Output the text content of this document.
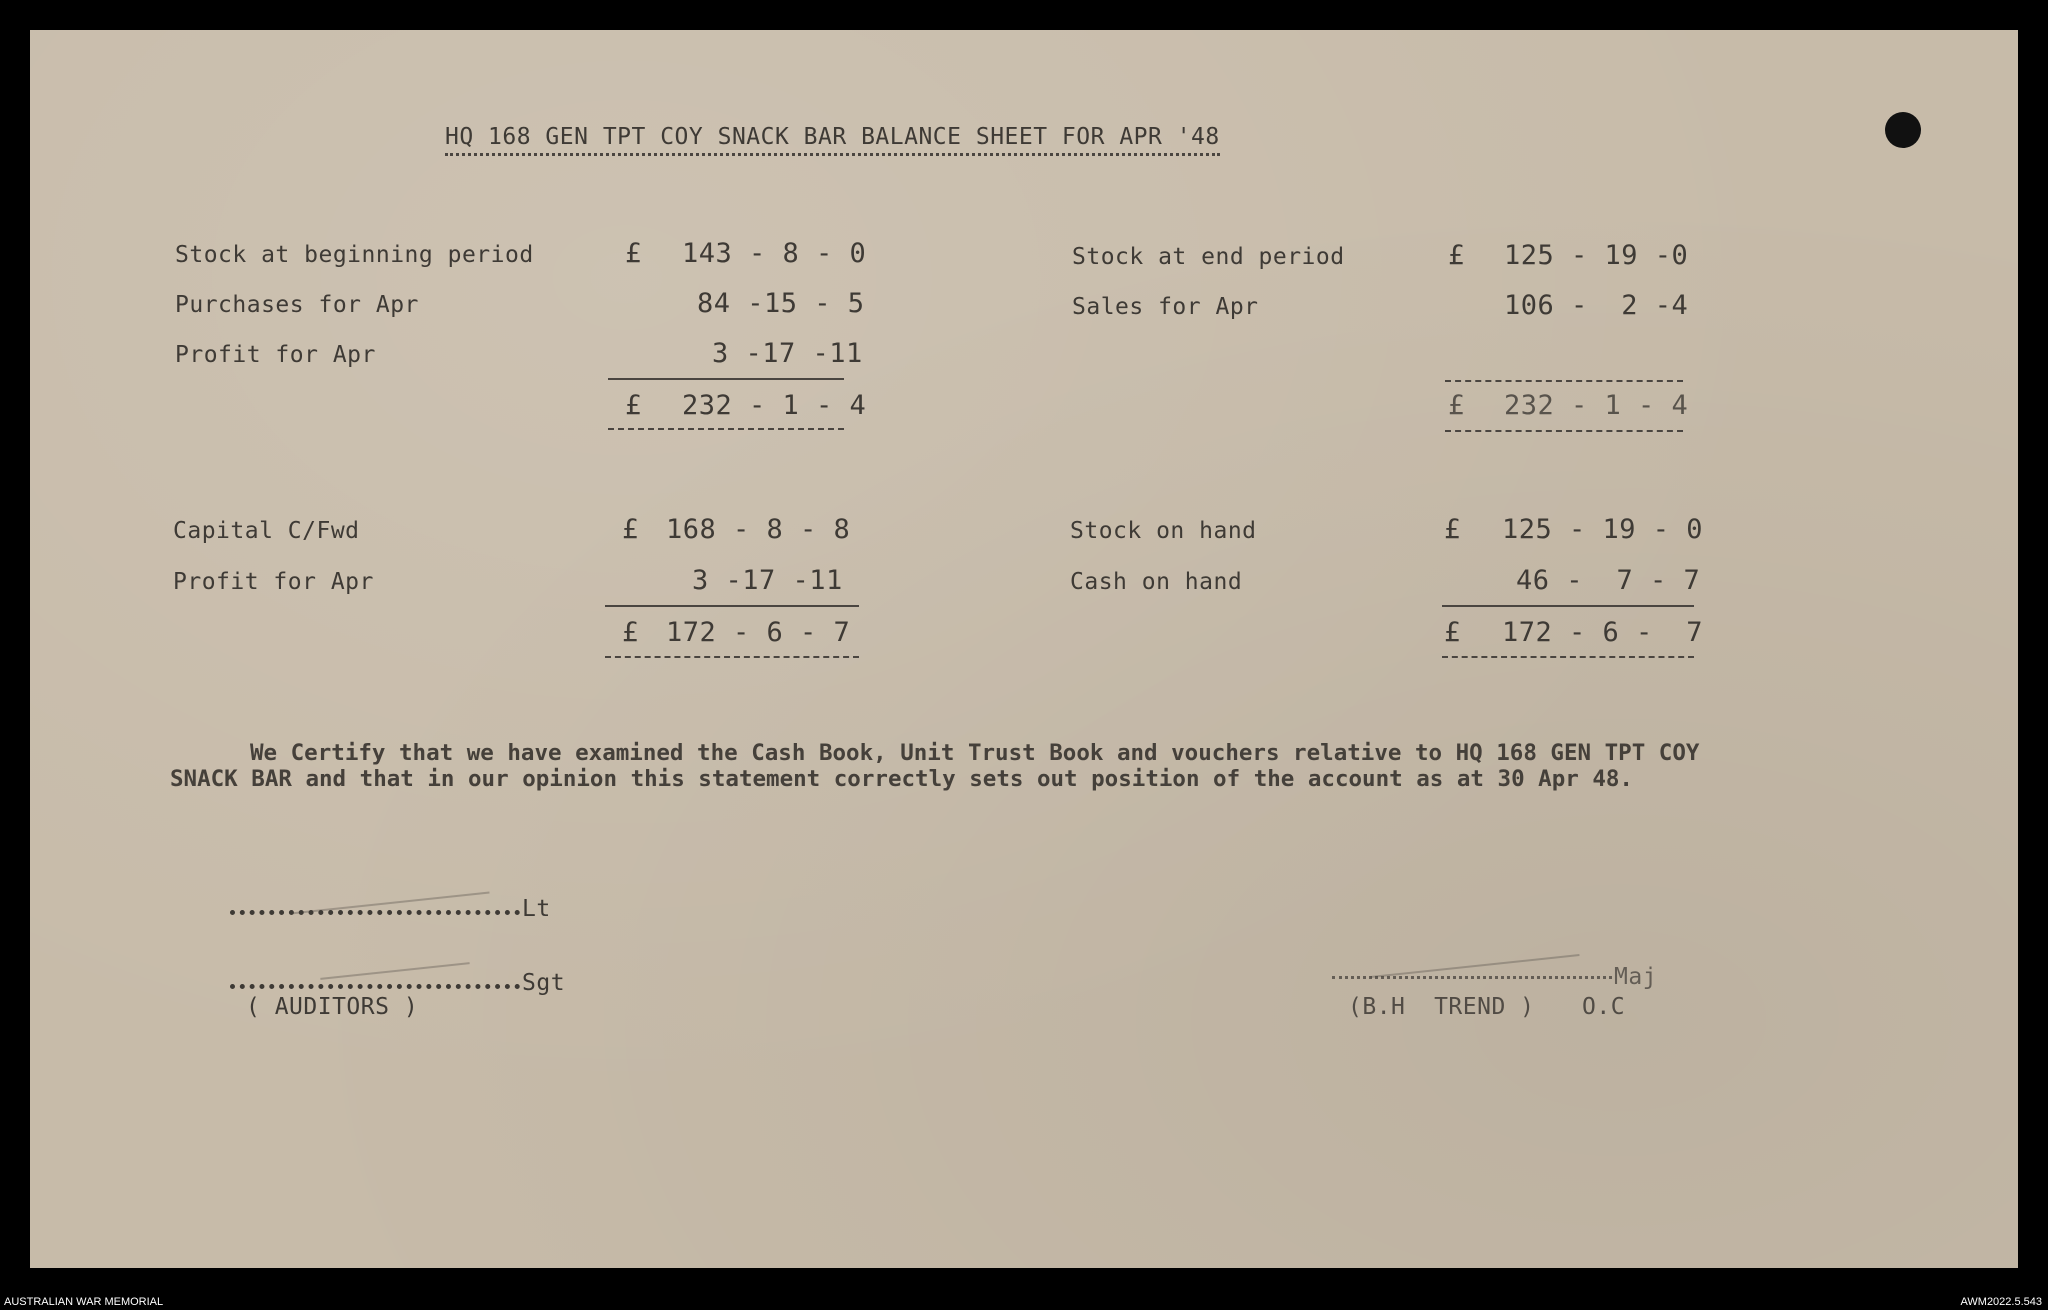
HQ 168 GEN TPT COY SNACK BAR BALANCE SHEET FOR APR '48
Stock at beginning period	£ 143 - 8 - 0
Purchases for Apr	84 -15 - 5
Profit for Apr	3 -17 -11
£ 232 - 1 - 4
Stock at end period	£ 125 - 19 -0
Sales for Apr	106 -  2 -4
£ 232 - 1 - 4
Capital C/Fwd	£ 168 - 8 - 8
Profit for Apr	3 -17 -11
£ 172 - 6 - 7
Stock on hand	£ 125 - 19 - 0
Cash on hand	46 -  7 - 7
£ 172 - 6 -  7
We Certify that we have examined the Cash Book, Unit Trust Book and vouchers relative to HQ 168 GEN TPT COY
SNACK BAR and that in our opinion this statement correctly sets out position of the account as at 30 Apr 48.
Lt
Sgt
( AUDITORS )
Maj
(B.H  TREND ) O.C
AUSTRALIAN WAR MEMORIAL	AWM2022.5.543
